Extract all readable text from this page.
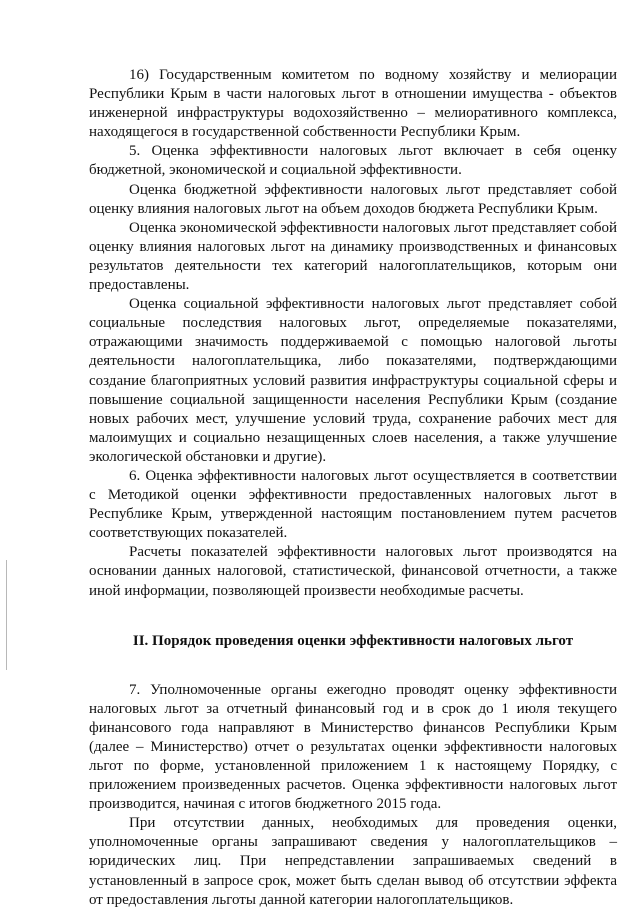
16) Государственным комитетом по водному хозяйству и мелиорации Республики Крым в части налоговых льгот в отношении имущества - объектов инженерной инфраструктуры водохозяйственно – мелиоративного комплекса, находящегося в государственной собственности Республики Крым.

5. Оценка эффективности налоговых льгот включает в себя оценку бюджетной, экономической и социальной эффективности.

Оценка бюджетной эффективности налоговых льгот представляет собой оценку влияния налоговых льгот на объем доходов бюджета Республики Крым.

Оценка экономической эффективности налоговых льгот представляет собой оценку влияния налоговых льгот на динамику производственных и финансовых результатов деятельности тех категорий налогоплательщиков, которым они предоставлены.

Оценка социальной эффективности налоговых льгот представляет собой социальные последствия налоговых льгот, определяемые показателями, отражающими значимость поддерживаемой с помощью налоговой льготы деятельности налогоплательщика, либо показателями, подтверждающими создание благоприятных условий развития инфраструктуры социальной сферы и повышение социальной защищенности населения Республики Крым (создание новых рабочих мест, улучшение условий труда, сохранение рабочих мест для малоимущих и социально незащищенных слоев населения, а также улучшение экологической обстановки и другие).

6. Оценка эффективности налоговых льгот осуществляется в соответствии с Методикой оценки эффективности предоставленных налоговых льгот в Республике Крым, утвержденной настоящим постановлением путем расчетов соответствующих показателей.

Расчеты показателей эффективности налоговых льгот производятся на основании данных налоговой, статистической, финансовой отчетности, а также иной информации, позволяющей произвести необходимые расчеты.

II. Порядок проведения оценки эффективности налоговых льгот

7. Уполномоченные органы ежегодно проводят оценку эффективности налоговых льгот за отчетный финансовый год и в срок до 1 июля текущего финансового года направляют в Министерство финансов Республики Крым (далее – Министерство) отчет о результатах оценки эффективности налоговых льгот по форме, установленной приложением 1 к настоящему Порядку, с приложением произведенных расчетов. Оценка эффективности налоговых льгот производится, начиная с итогов бюджетного 2015 года.

При отсутствии данных, необходимых для проведения оценки, уполномоченные органы запрашивают сведения у налогоплательщиков – юридических лиц. При непредставлении запрашиваемых сведений в установленный в запросе срок, может быть сделан вывод об отсутствии эффекта от предоставления льготы данной категории налогоплательщиков.
